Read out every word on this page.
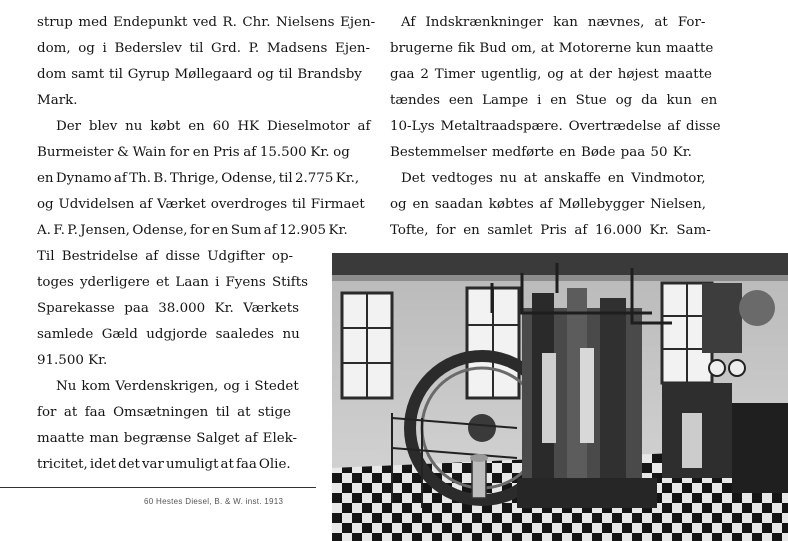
strup med Endepunkt ved R. Chr. Nielsens Ejen-
dom, og i Bederslev til Grd. P. Madsens Ejen-
dom samt til Gyrup Møllegaard og til Brandsby
Mark.
Der blev nu købt en 60 HK Dieselmotor af
Burmeister & Wain for en Pris af 15.500 Kr. og
en Dynamo af Th. B. Thrige, Odense, til 2.775 Kr.,
og Udvidelsen af Værket overdroges til Firmaet
A. F. P. Jensen, Odense, for en Sum af 12.905 Kr.
Til Bestridelse af disse Udgifter op-
toges yderligere et Laan i Fyens Stifts
Sparekasse paa 38.000 Kr. Værkets
samlede Gæld udgjorde saaledes nu
91.500 Kr.
Nu kom Verdenskrigen, og i Stedet
for at faa Omsætningen til at stige
maatte man begrænse Salget af Elek-
tricitet, idet det var umuligt at faa Olie.
Af Indskrænkninger kan nævnes, at For-
brugerne fik Bud om, at Motorerne kun maatte
gaa 2 Timer ugentlig, og at der højest maatte
tændes een Lampe i en Stue og da kun en
10-Lys Metaltraadspære. Overtrædelse af disse
Bestemmelser medførte en Bøde paa 50 Kr.
Det vedtoges nu at anskaffe en Vindmotor,
og en saadan købtes af Møllebygger Nielsen,
Tofte, for en samlet Pris af 16.000 Kr. Sam-
60 Hestes Diesel, B. & W. inst. 1913
